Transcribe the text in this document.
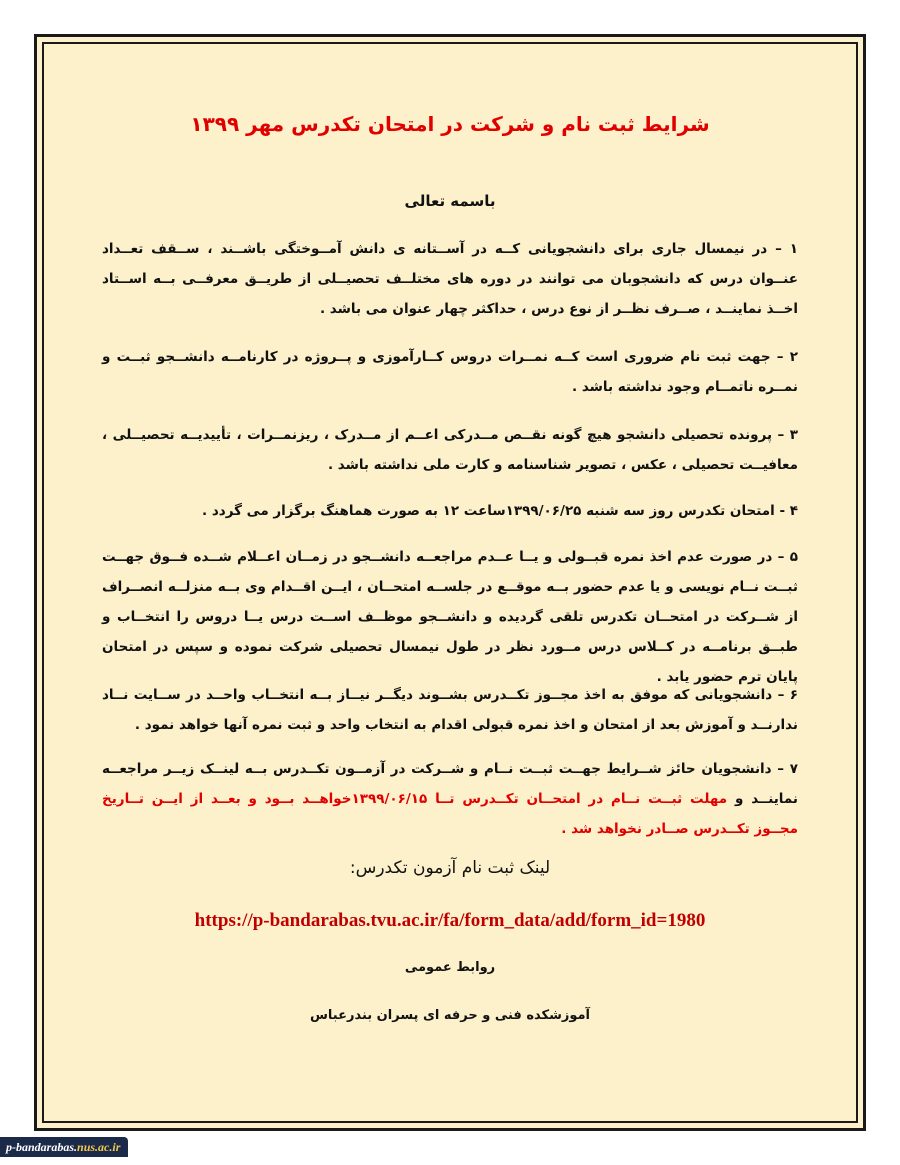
شرایط ثبت نام و شرکت در امتحان تکدرس مهر ۱۳۹۹
باسمه تعالی
۱ – در نیمسال جاری برای دانشجویانی کــه در آســتانه ی دانش آمــوختگی باشــند ، ســقف تعــداد عنــوان درس که دانشجوبان می توانند در دوره های مختلــف تحصیــلی از طریــق معرفــی بــه اســتاد اخــذ نماینــد ، صــرف نظــر از نوع درس ، حداکثر چهار عنوان می باشد .
۲ – جهت ثبت نام ضروری است کــه نمــرات دروس کــارآموزی و پــروژه در کارنامــه دانشــجو ثبــت و نمــره ناتمــام وجود نداشته باشد .
۳ – پرونده تحصیلی دانشجو هیچ گونه نقــص مــدرکی اعــم از مــدرک ، ریزنمــرات ، تأییدیــه تحصیــلی ، معافیــت تحصیلی ، عکس ، تصویر شناسنامه و کارت ملی نداشته باشد .
۴ - امتحان تکدرس روز سه شنبه ۱۳۹۹/۰۶/۲۵ساعت ۱۲ به صورت هماهنگ برگزار می گردد .
۵ – در صورت عدم اخذ نمره قبــولی و یــا عــدم مراجعــه دانشــجو در زمــان اعــلام شــده فــوق جهــت ثبــت نــام نویسی و یا عدم حضور بــه موقــع در جلســه امتحــان ، ایــن اقــدام وی بــه منزلــه انصــراف از شــرکت در امتحــان تکدرس تلقی گردیده و دانشــجو موظــف اســت درس یــا دروس را انتخــاب و طبــق برنامــه در کــلاس درس مــورد نظر در طول نیمسال تحصیلی شرکت نموده و سپس در امتحان پایان ترم حضور یابد .
۶ – دانشجویانی که موفق به اخذ مجــوز تکــدرس بشــوند دیگــر نیــاز بــه انتخــاب واحــد در ســایت نــاد ندارنــد و آموزش بعد از امتحان و اخذ نمره قبولی اقدام به انتخاب واحد و ثبت نمره آنها خواهد نمود .
۷ – دانشجویان حائز شــرایط جهــت ثبــت نــام و شــرکت در آزمــون تکــدرس بــه لینــک زیــر مراجعــه نماینــد و مهلت ثبــت نــام در امتحــان تکــدرس تــا ۱۳۹۹/۰۶/۱۵خواهــد بــود و بعــد از ایــن تــاریخ مجــوز تکــدرس صــادر نخواهد شد .
لینک ثبت نام آزمون تکدرس:
https://p-bandarabas.tvu.ac.ir/fa/form_data/add/form_id=1980
روابط عمومی
آموزشکده فنی و حرفه ای پسران بندرعباس
p-bandarabas.nus.ac.ir
